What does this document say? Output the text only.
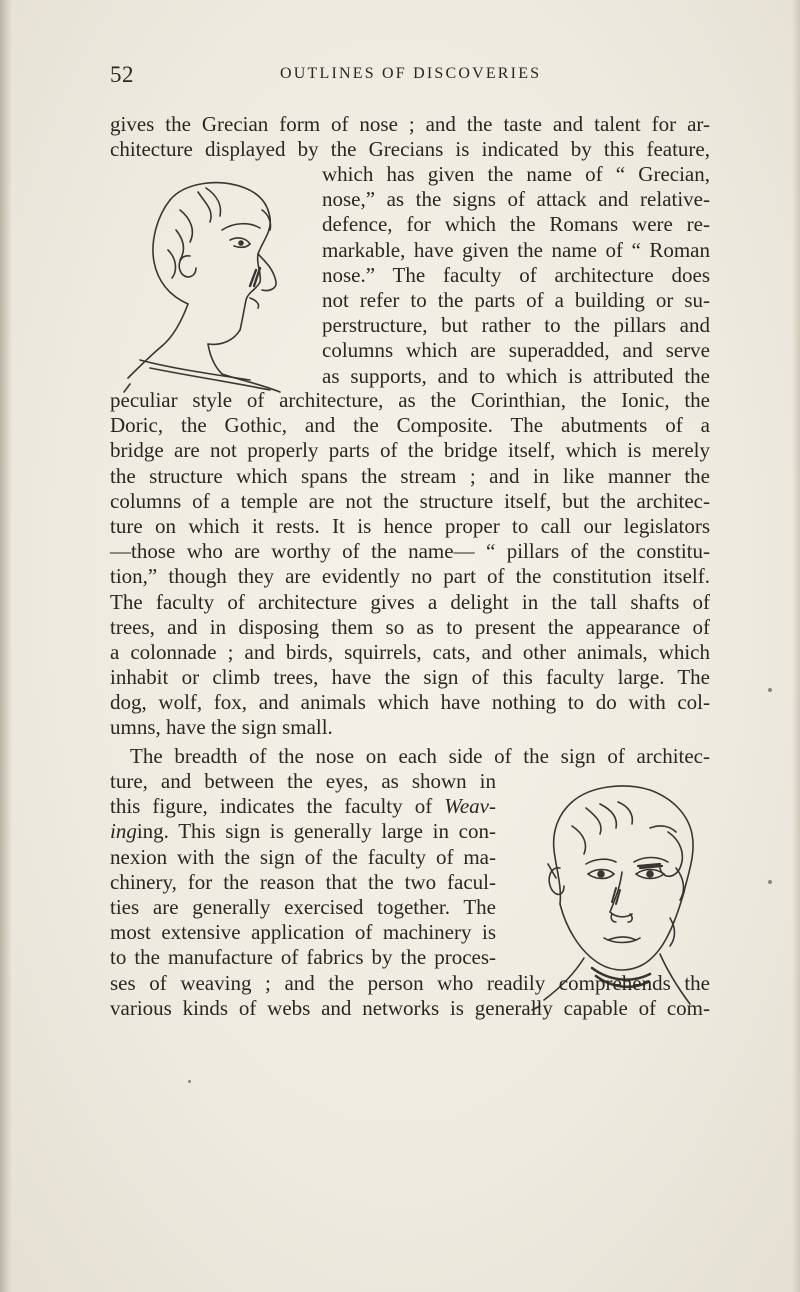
52	OUTLINES OF DISCOVERIES
gives the Grecian form of nose ; and the taste and talent for ar-
chitecture displayed by the Grecians is indicated by this feature,
which has given the name of “ Grecian,
nose,” as the signs of attack and relative-
defence, for which the Romans were re-
markable, have given the name of “ Roman
nose.” The faculty of architecture does
not refer to the parts of a building or su-
perstructure, but rather to the pillars and
columns which are superadded, and serve
as supports, and to which is attributed the
peculiar style of architecture, as the Corinthian, the Ionic, the
Doric, the Gothic, and the Composite. The abutments of a
bridge are not properly parts of the bridge itself, which is merely
the structure which spans the stream ; and in like manner the
columns of a temple are not the structure itself, but the architec-
ture on which it rests. It is hence proper to call our legislators
—those who are worthy of the name— “ pillars of the constitu-
tion,” though they are evidently no part of the constitution itself.
The faculty of architecture gives a delight in the tall shafts of
trees, and in disposing them so as to present the appearance of
a colonnade ; and birds, squirrels, cats, and other animals, which
inhabit or climb trees, have the sign of this faculty large. The
dog, wolf, fox, and animals which have nothing to do with col-
umns, have the sign small.
The breadth of the nose on each side of the sign of architec-
ture, and between the eyes, as shown in
this figure, indicates the faculty of Weav-
inging. This sign is generally large in con-
nexion with the sign of the faculty of ma-
chinery, for the reason that the two facul-
ties are generally exercised together. The
most extensive application of machinery is
to the manufacture of fabrics by the proces-
ses of weaving ; and the person who readily comprehends the
various kinds of webs and networks is generally capable of com-
